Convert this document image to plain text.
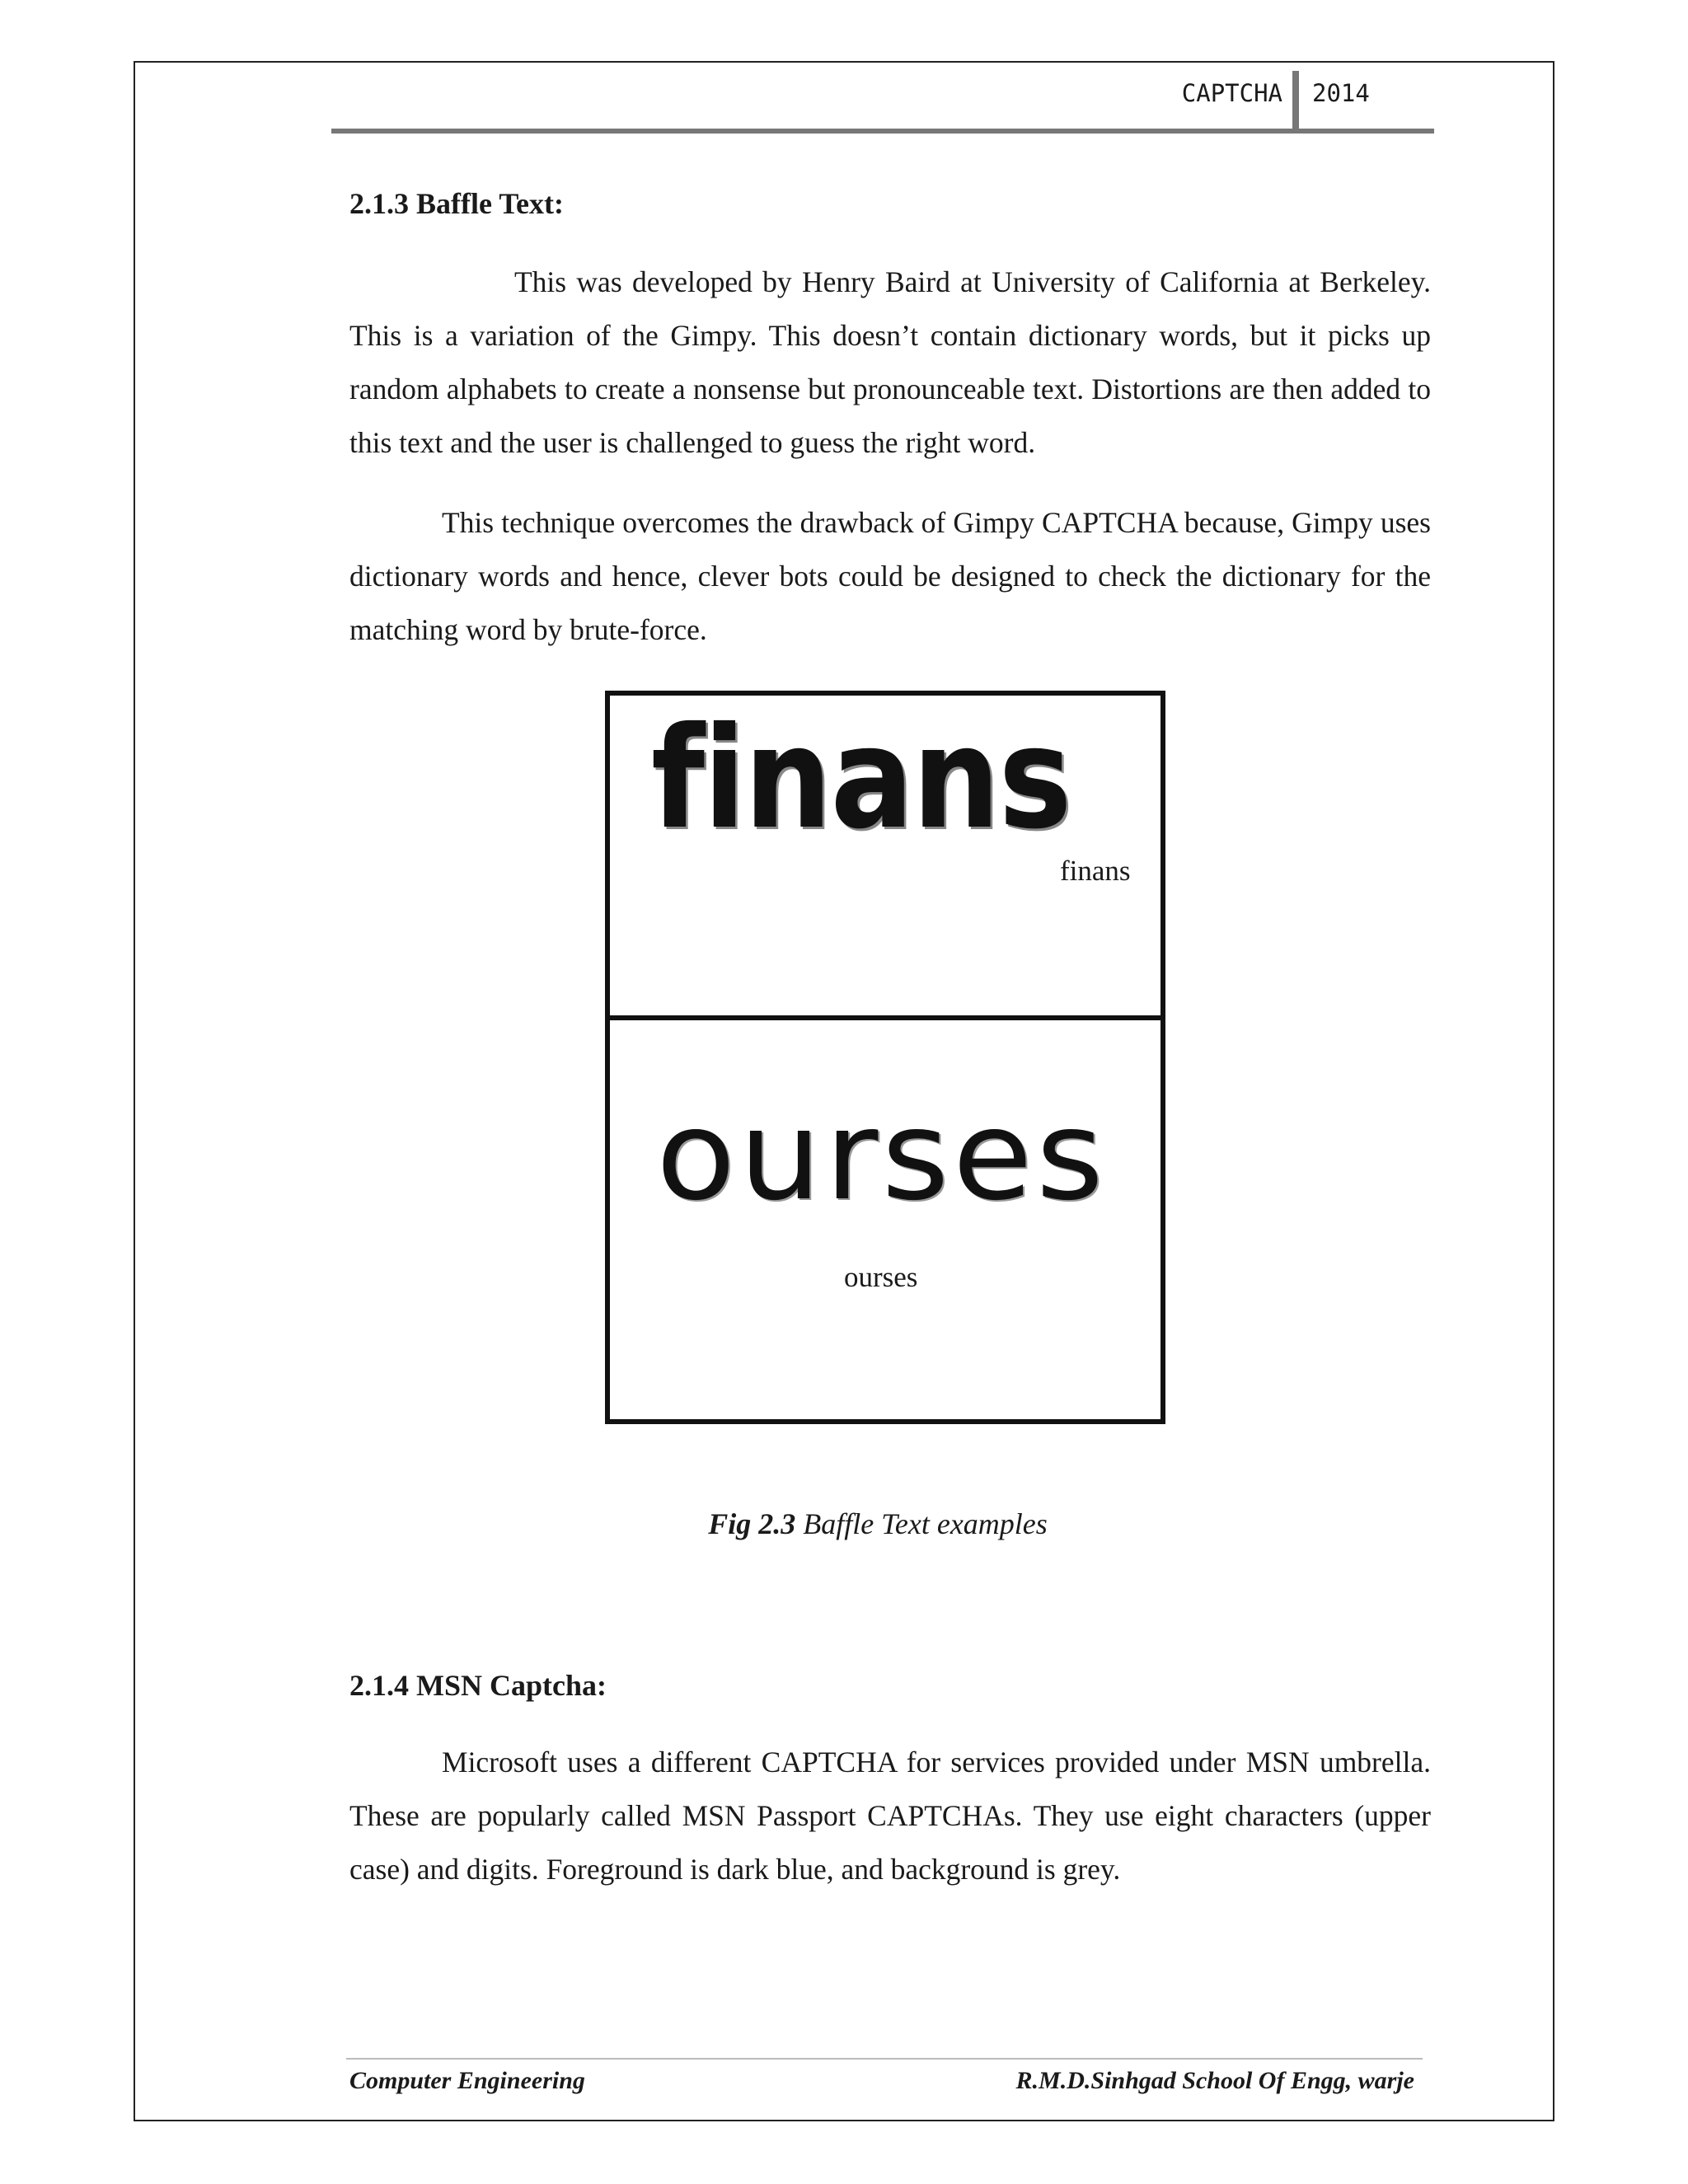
CAPTCHA 2014
2.1.3 Baffle Text:

This was developed by Henry Baird at University of California at Berkeley. This is a variation of the Gimpy. This doesn’t contain dictionary words, but it picks up random alphabets to create a nonsense but pronounceable text. Distortions are then added to this text and the user is challenged to guess the right word.

This technique overcomes the drawback of Gimpy CAPTCHA because, Gimpy uses dictionary words and hence, clever bots could be designed to check the dictionary for the matching word by brute-force.

finans
finans
ourses
ourses
Fig 2.3 Baffle Text examples
2.1.4 MSN Captcha:

Microsoft uses a different CAPTCHA for services provided under MSN umbrella. These are popularly called MSN Passport CAPTCHAs. They use eight characters (upper case) and digits. Foreground is dark blue, and background is grey.

Computer Engineering	R.M.D.Sinhgad School Of Engg, warje
